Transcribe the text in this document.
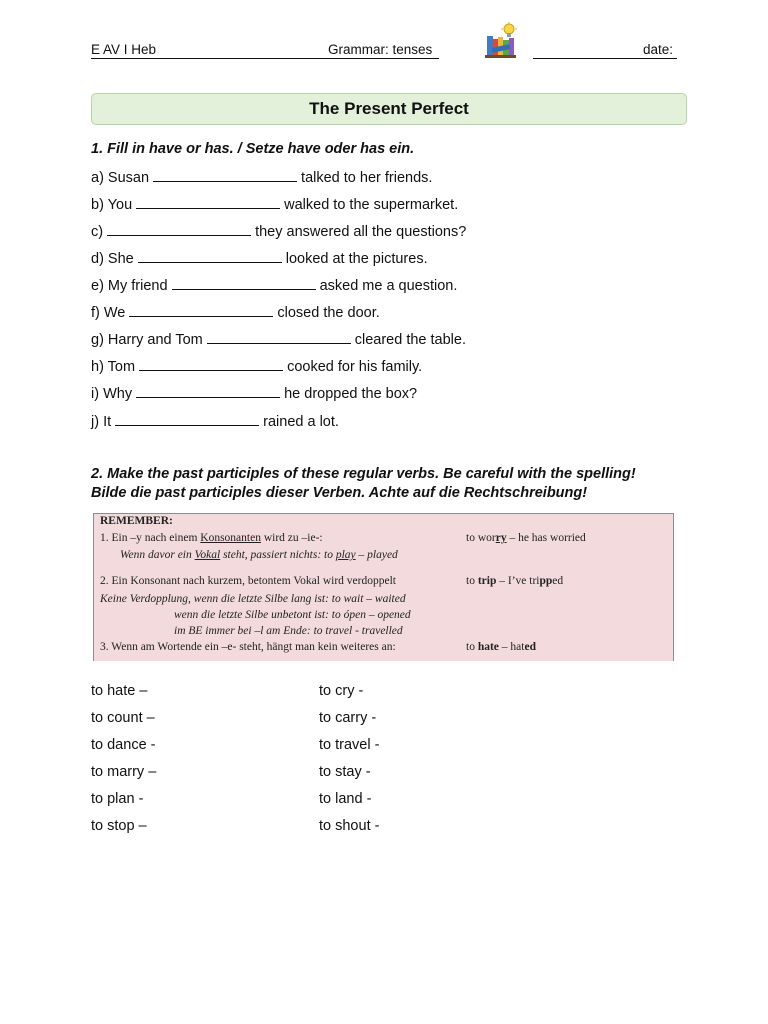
E AV I Heb	Grammar: tenses	date:
The Present Perfect
1. Fill in have or has. / Setze have oder has ein.
a) Susan	talked to her friends.
b) You	walked to the supermarket.
c)	they answered all the questions?
d) She	looked at the pictures.
e) My friend	asked me a question.
f) We	closed the door.
g) Harry and Tom	cleared the table.
h) Tom	cooked for his family.
i) Why	he dropped the box?
j) It	rained a lot.
2. Make the past participles of these regular verbs. Be careful with the spelling!
Bilde die past participles dieser Verben. Achte auf die Rechtschreibung!
REMEMBER:
1. Ein –y nach einem Konsonanten wird zu –ie-:	to worry – he has worried
Wenn davor ein Vokal steht, passiert nichts: to play – played
2. Ein Konsonant nach kurzem, betontem Vokal wird verdoppelt	to trip – I’ve tripped
Keine Verdopplung, wenn die letzte Silbe lang ist: to wait – waited
wenn die letzte Silbe unbetont ist: to ópen – opened
im BE immer bei –l am Ende: to travel - travelled
3. Wenn am Wortende ein –e- steht, hängt man kein weiteres an:	to hate – hated
to hate –
to count –
to dance -
to marry –
to plan -
to stop –
to cry -
to carry -
to travel -
to stay -
to land -
to shout -
